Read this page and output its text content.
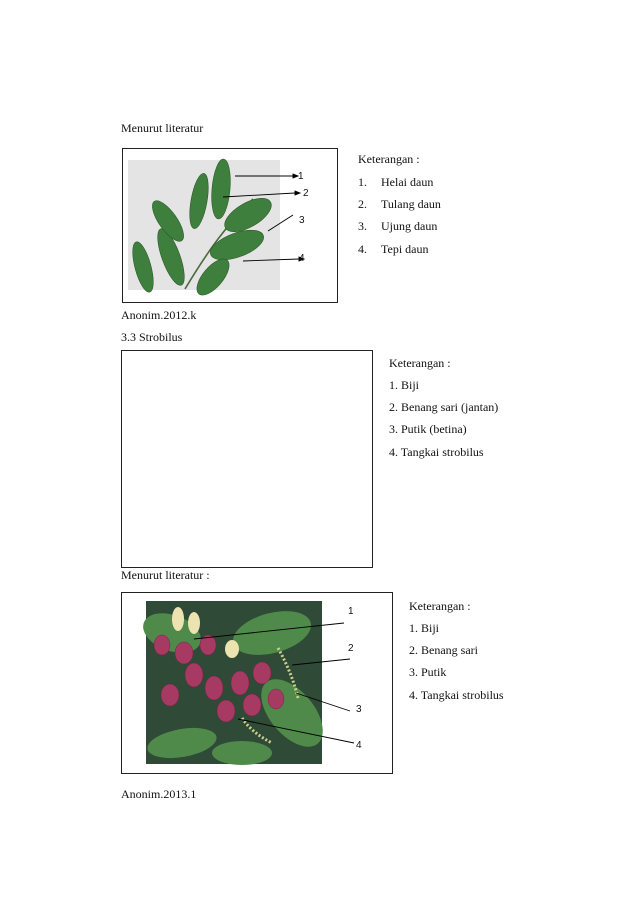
Menurut literatur
1
2
3
4
Keterangan :
1. Helai daun
2. Tulang daun
3. Ujung daun
4. Tepi daun
Anonim.2012.k
3.3 Strobilus
Keterangan :
1. Biji
2. Benang sari (jantan)
3. Putik (betina)
4. Tangkai strobilus
Menurut literatur :
1
2
3
4
Keterangan :
1. Biji
2. Benang sari
3. Putik
4. Tangkai strobilus
Anonim.2013.1
